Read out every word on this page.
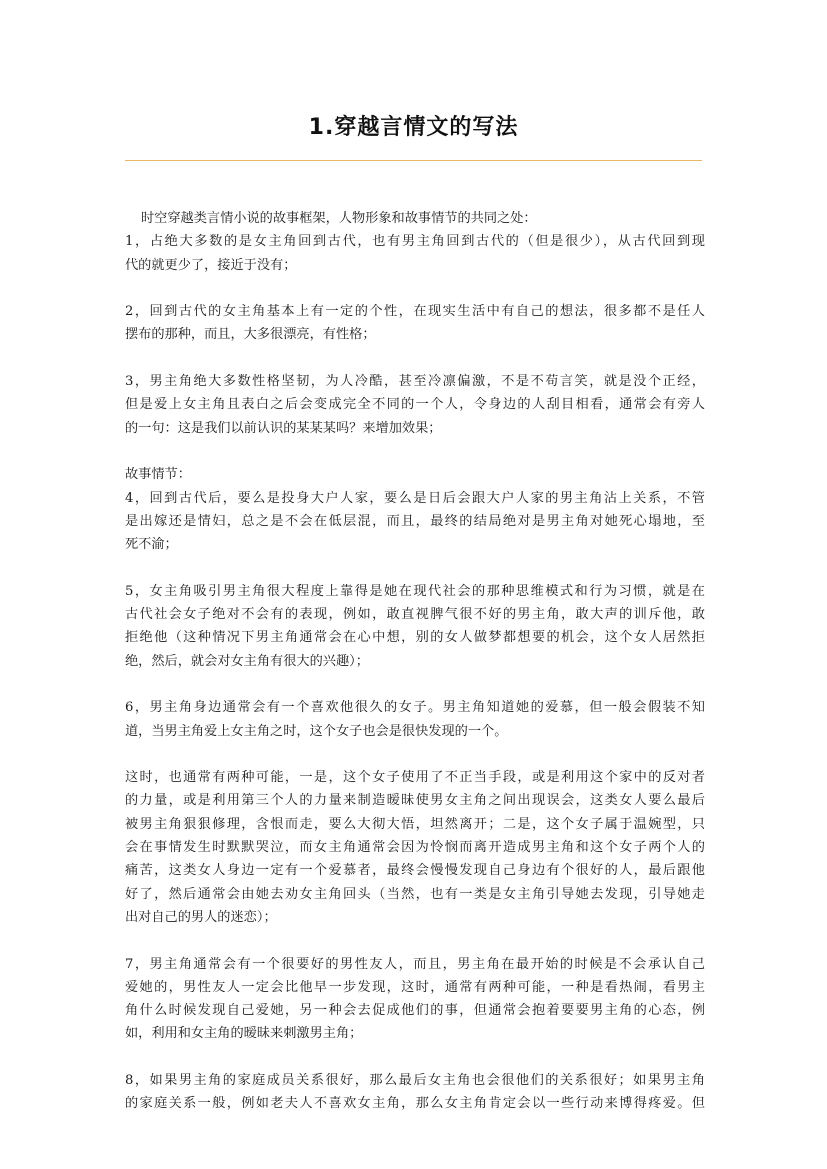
1.穿越言情文的写法
时空穿越类言情小说的故事框架，人物形象和故事情节的共同之处：
1，占绝大多数的是女主角回到古代，也有男主角回到古代的（但是很少），从古代回到现
代的就更少了，接近于没有；
2，回到古代的女主角基本上有一定的个性，在现实生活中有自己的想法，很多都不是任人
摆布的那种，而且，大多很漂亮，有性格；
3，男主角绝大多数性格坚韧，为人冷酷，甚至冷凛偏激，不是不苟言笑，就是没个正经，
但是爱上女主角且表白之后会变成完全不同的一个人，令身边的人刮目相看，通常会有旁人
的一句：这是我们以前认识的某某某吗？来增加效果；
故事情节：
4，回到古代后，要么是投身大户人家，要么是日后会跟大户人家的男主角沾上关系，不管
是出嫁还是情妇，总之是不会在低层混，而且，最终的结局绝对是男主角对她死心塌地，至
死不渝；
5，女主角吸引男主角很大程度上靠得是她在现代社会的那种思维模式和行为习惯，就是在
古代社会女子绝对不会有的表现，例如，敢直视脾气很不好的男主角，敢大声的训斥他，敢
拒绝他（这种情况下男主角通常会在心中想，别的女人做梦都想要的机会，这个女人居然拒
绝，然后，就会对女主角有很大的兴趣）；
6，男主角身边通常会有一个喜欢他很久的女子。男主角知道她的爱慕，但一般会假装不知
道，当男主角爱上女主角之时，这个女子也会是很快发现的一个。
这时，也通常有两种可能，一是，这个女子使用了不正当手段，或是利用这个家中的反对者
的力量，或是利用第三个人的力量来制造暧昧使男女主角之间出现误会，这类女人要么最后
被男主角狠狠修理，含恨而走，要么大彻大悟，坦然离开；二是，这个女子属于温婉型，只
会在事情发生时默默哭泣，而女主角通常会因为怜悯而离开造成男主角和这个女子两个人的
痛苦，这类女人身边一定有一个爱慕者，最终会慢慢发现自己身边有个很好的人，最后跟他
好了，然后通常会由她去劝女主角回头（当然，也有一类是女主角引导她去发现，引导她走
出对自己的男人的迷恋）；
7，男主角通常会有一个很要好的男性友人，而且，男主角在最开始的时候是不会承认自己
爱她的，男性友人一定会比他早一步发现，这时，通常有两种可能，一种是看热闹，看男主
角什么时候发现自己爱她，另一种会去促成他们的事，但通常会抱着要要男主角的心态，例
如，利用和女主角的暧昧来刺激男主角；
8，如果男主角的家庭成员关系很好，那么最后女主角也会很他们的关系很好；如果男主角
的家庭关系一般，例如老夫人不喜欢女主角，那么女主角肯定会以一些行动来博得疼爱。但
